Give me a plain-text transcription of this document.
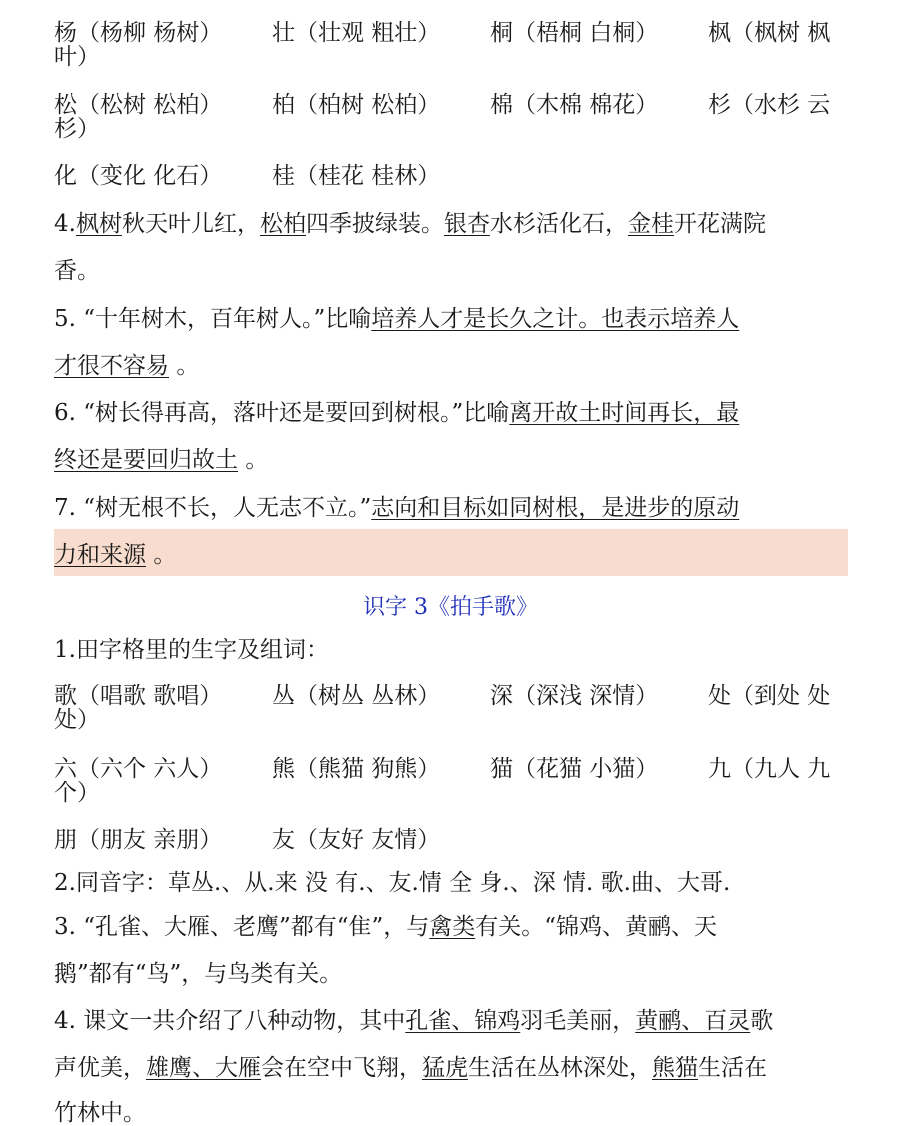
杨（杨柳 杨树）	壮（壮观 粗壮）	桐（梧桐 白桐）	枫（枫树 枫
叶）
松（松树 松柏）	柏（柏树 松柏）	棉（木棉 棉花）	杉（水杉 云
杉）
化（变化 化石）	桂（桂花 桂林）
4.枫树秋天叶儿红，松柏四季披绿装。银杏水杉活化石，金桂开花满院
香。
5. “十年树木，百年树人。”比喻培养人才是长久之计。也表示培养人
才很不容易 。
6. “树长得再高，落叶还是要回到树根。”比喻离开故土时间再长，最
终还是要回归故土 。
7. “树无根不长，人无志不立。”志向和目标如同树根，是进步的原动
力和来源 。
识字 3《拍手歌》
1.田字格里的生字及组词：
歌（唱歌 歌唱）	丛（树丛 丛林）	深（深浅 深情）	处（到处 处
处）
六（六个 六人）	熊（熊猫 狗熊）	猫（花猫 小猫）	九（九人 九
个）
朋（朋友 亲朋）	友（友好 友情）
2.同音字：草丛.、从.来 没 有.、友.情 全 身.、深 情. 歌.曲、大哥.
3. “孔雀、大雁、老鹰”都有“隹”，与禽类有关。“锦鸡、黄鹂、天
鹅”都有“鸟”，与鸟类有关。
4. 课文一共介绍了八种动物，其中孔雀、锦鸡羽毛美丽，黄鹂、百灵歌
声优美，雄鹰、大雁会在空中飞翔，猛虎生活在丛林深处，熊猫生活在
竹林中。
